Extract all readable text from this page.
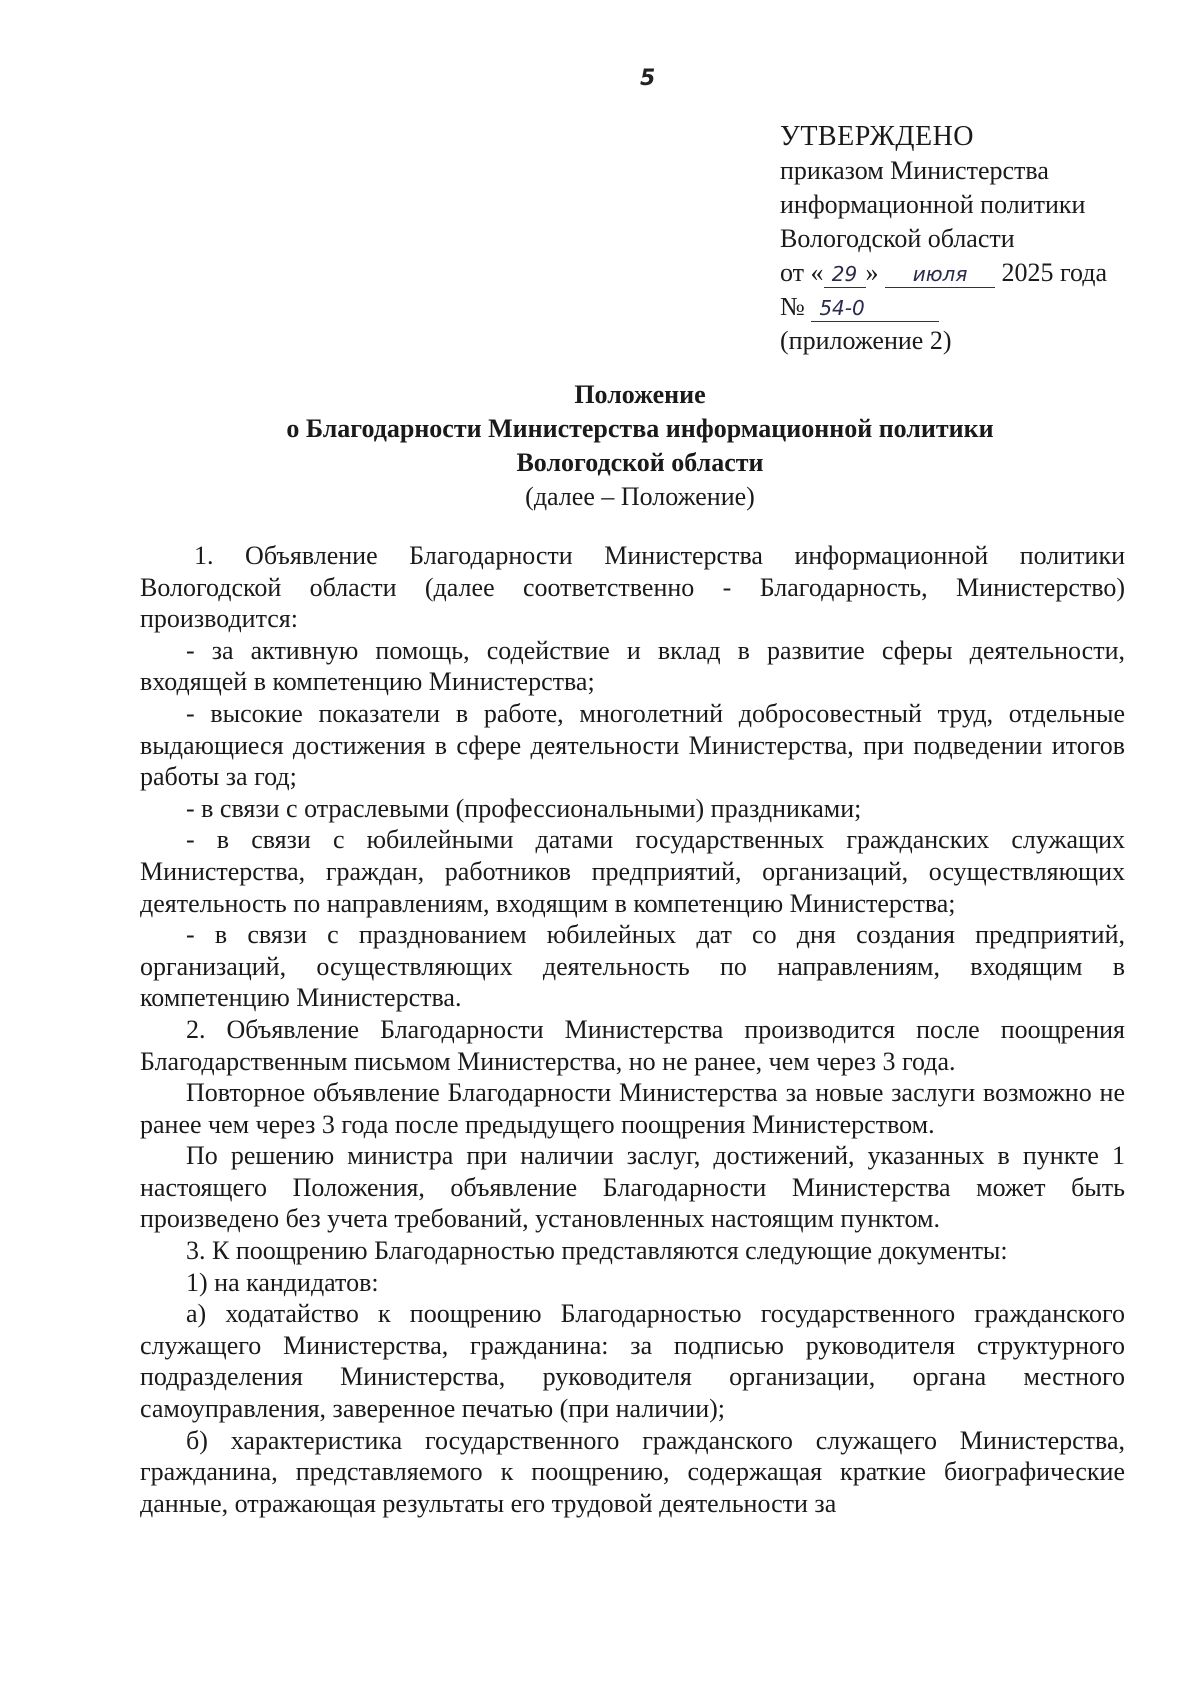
5
УТВЕРЖДЕНО
приказом Министерства
информационной политики
Вологодской области
от « 29 » июля 2025 года
№ 54-0
(приложение 2)
Положение
о Благодарности Министерства информационной политики
Вологодской области
(далее – Положение)

1. Объявление Благодарности Министерства информационной политики Вологодской области (далее соответственно - Благодарность, Министерство) производится:

- за активную помощь, содействие и вклад в развитие сферы деятельности, входящей в компетенцию Министерства;

- высокие показатели в работе, многолетний добросовестный труд, отдельные выдающиеся достижения в сфере деятельности Министерства, при подведении итогов работы за год;

- в связи с отраслевыми (профессиональными) праздниками;

- в связи с юбилейными датами государственных гражданских служащих Министерства, граждан, работников предприятий, организаций, осуществляющих деятельность по направлениям, входящим в компетенцию Министерства;

- в связи с празднованием юбилейных дат со дня создания предприятий, организаций, осуществляющих деятельность по направлениям, входящим в компетенцию Министерства.

2. Объявление Благодарности Министерства производится после поощрения Благодарственным письмом Министерства, но не ранее, чем через 3 года.

Повторное объявление Благодарности Министерства за новые заслуги возможно не ранее чем через 3 года после предыдущего поощрения Министерством.

По решению министра при наличии заслуг, достижений, указанных в пункте 1 настоящего Положения, объявление Благодарности Министерства может быть произведено без учета требований, установленных настоящим пунктом.

3. К поощрению Благодарностью представляются следующие документы:

1) на кандидатов:

а) ходатайство к поощрению Благодарностью государственного гражданского служащего Министерства, гражданина: за подписью руководителя структурного подразделения Министерства, руководителя организации, органа местного самоуправления, заверенное печатью (при наличии);

б) характеристика государственного гражданского служащего Министерства, гражданина, представляемого к поощрению, содержащая краткие биографические данные, отражающая результаты его трудовой деятельности за
